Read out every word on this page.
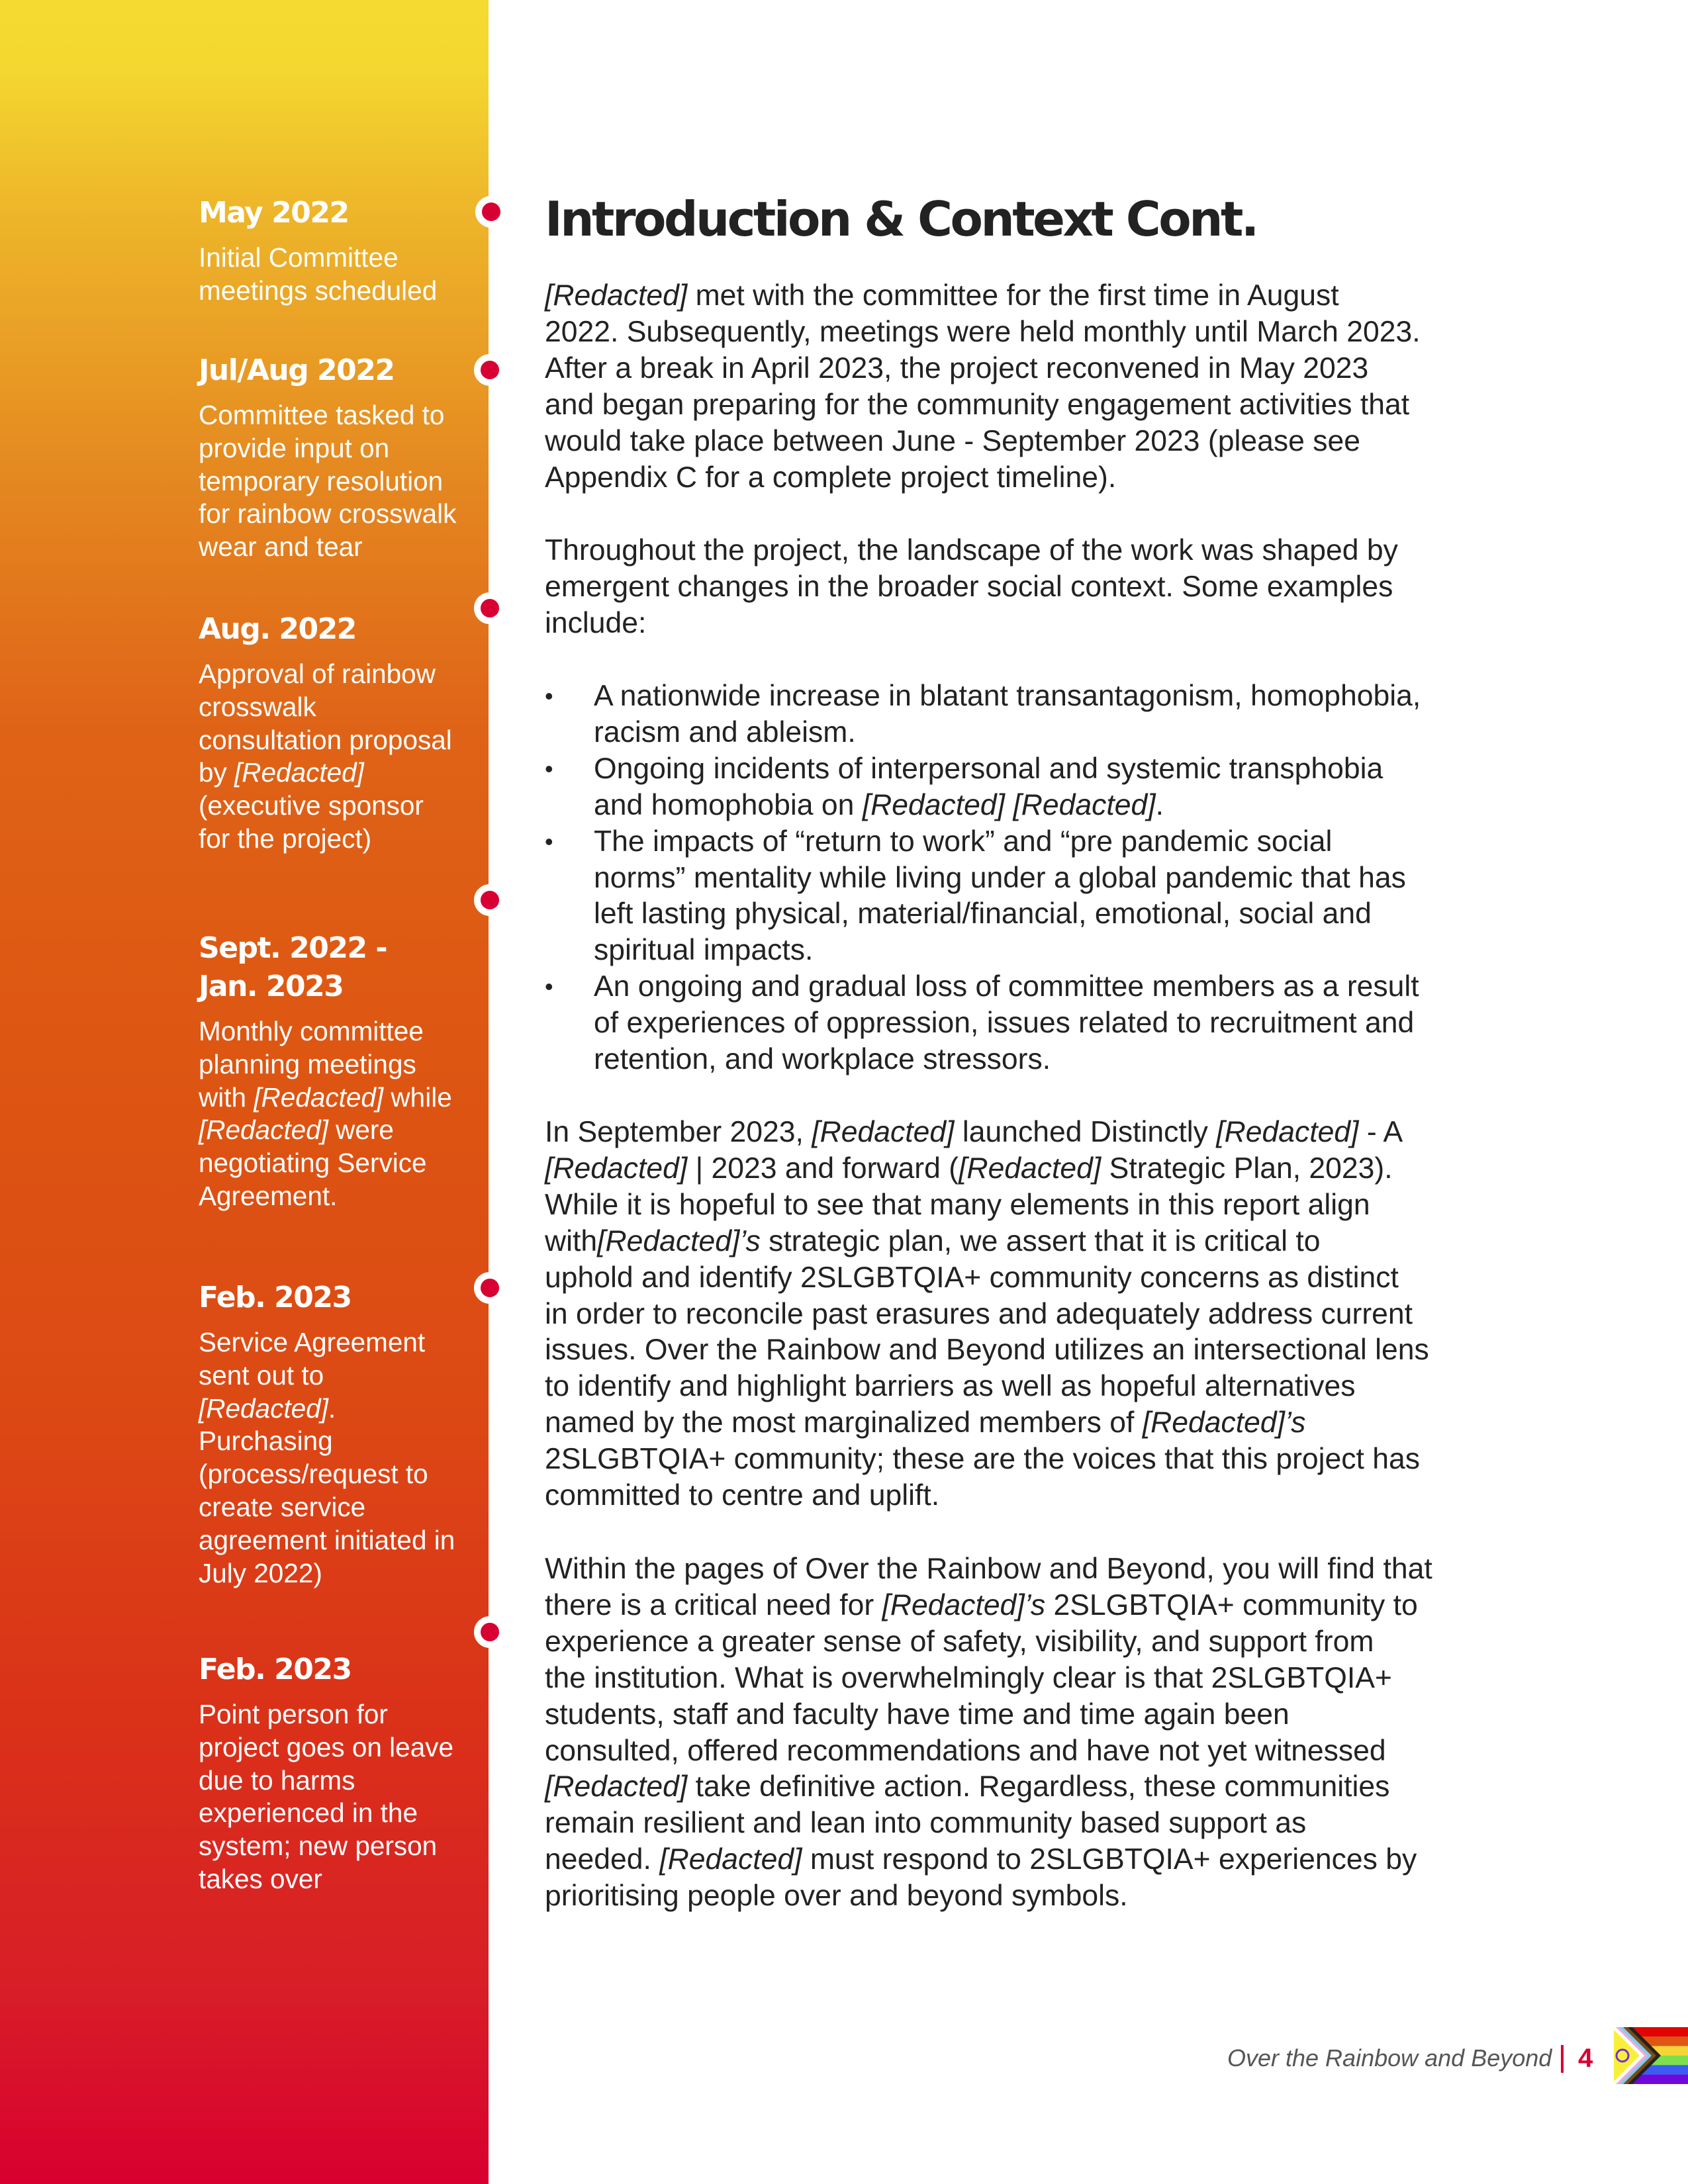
May 2022
Initial Committee
meetings scheduled
Jul/Aug 2022
Committee tasked to
provide input on
temporary resolution
for rainbow crosswalk
wear and tear
Aug. 2022
Approval of rainbow
crosswalk
consultation proposal
by [Redacted]
(executive sponsor
for the project)
Sept. 2022 -
Jan. 2023
Monthly committee
planning meetings
with [Redacted] while
[Redacted] were
negotiating Service
Agreement.
Feb. 2023
Service Agreement
sent out to
[Redacted].
Purchasing
(process/request to
create service
agreement initiated in
July 2022)
Feb. 2023
Point person for
project goes on leave
due to harms
experienced in the
system; new person
takes over
Introduction & Context Cont.
[Redacted] met with the committee for the first time in August
2022. Subsequently, meetings were held monthly until March 2023.
After a break in April 2023, the project reconvened in May 2023
and began preparing for the community engagement activities that
would take place between June - September 2023 (please see
Appendix C for a complete project timeline).
Throughout the project, the landscape of the work was shaped by
emergent changes in the broader social context. Some examples
include:
• A nationwide increase in blatant transantagonism, homophobia,
racism and ableism.
• Ongoing incidents of interpersonal and systemic transphobia
and homophobia on [Redacted] [Redacted].
• The impacts of “return to work” and “pre pandemic social
norms” mentality while living under a global pandemic that has
left lasting physical, material/financial, emotional, social and
spiritual impacts.
• An ongoing and gradual loss of committee members as a result
of experiences of oppression, issues related to recruitment and
retention, and workplace stressors.
In September 2023, [Redacted] launched Distinctly [Redacted] - A
[Redacted] | 2023 and forward ([Redacted] Strategic Plan, 2023).
While it is hopeful to see that many elements in this report align
with[Redacted]’s strategic plan, we assert that it is critical to
uphold and identify 2SLGBTQIA+ community concerns as distinct
in order to reconcile past erasures and adequately address current
issues. Over the Rainbow and Beyond utilizes an intersectional lens
to identify and highlight barriers as well as hopeful alternatives
named by the most marginalized members of [Redacted]’s
2SLGBTQIA+ community; these are the voices that this project has
committed to centre and uplift.
Within the pages of Over the Rainbow and Beyond, you will find that
there is a critical need for [Redacted]’s 2SLGBTQIA+ community to
experience a greater sense of safety, visibility, and support from
the institution. What is overwhelmingly clear is that 2SLGBTQIA+
students, staff and faculty have time and time again been
consulted, offered recommendations and have not yet witnessed
[Redacted] take definitive action. Regardless, these communities
remain resilient and lean into community based support as
needed. [Redacted] must respond to 2SLGBTQIA+ experiences by
prioritising people over and beyond symbols.
Over the Rainbow and Beyond 4
